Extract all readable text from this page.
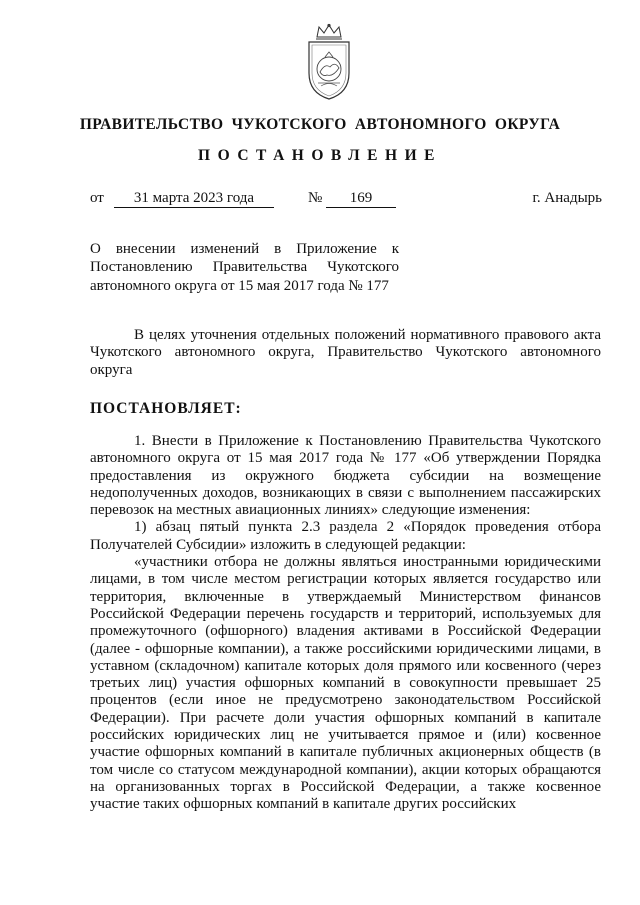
ПРАВИТЕЛЬСТВО ЧУКОТСКОГО АВТОНОМНОГО ОКРУГА
ПОСТАНОВЛЕНИЕ
от	31 марта 2023 года	№	169	г. Анадырь
О внесении изменений в Приложение к
Постановлению Правительства Чукотского
автономного округа от 15 мая 2017 года № 177
В целях уточнения отдельных положений нормативного правового акта
Чукотского автономного округа, Правительство Чукотского автономного
округа
ПОСТАНОВЛЯЕТ:
1. Внести в Приложение к Постановлению Правительства Чукотского
автономного округа от 15 мая 2017 года № 177 «Об утверждении Порядка
предоставления из окружного бюджета субсидии на возмещение
недополученных доходов, возникающих в связи с выполнением пассажирских
перевозок на местных авиационных линиях» следующие изменения:
1) абзац пятый пункта 2.3 раздела 2 «Порядок проведения отбора
Получателей Субсидии» изложить в следующей редакции:
«участники отбора не должны являться иностранными юридическими
лицами, в том числе местом регистрации которых является государство или
территория, включенные в утверждаемый Министерством финансов
Российской Федерации перечень государств и территорий, используемых для
промежуточного (офшорного) владения активами в Российской Федерации
(далее - офшорные компании), а также российскими юридическими лицами, в
уставном (складочном) капитале которых доля прямого или косвенного (через
третьих лиц) участия офшорных компаний в совокупности превышает 25
процентов (если иное не предусмотрено законодательством Российской
Федерации). При расчете доли участия офшорных компаний в капитале
российских юридических лиц не учитывается прямое и (или) косвенное
участие офшорных компаний в капитале публичных акционерных обществ (в
том числе со статусом международной компании), акции которых обращаются
на организованных торгах в Российской Федерации, а также косвенное
участие таких офшорных компаний в капитале других российских
